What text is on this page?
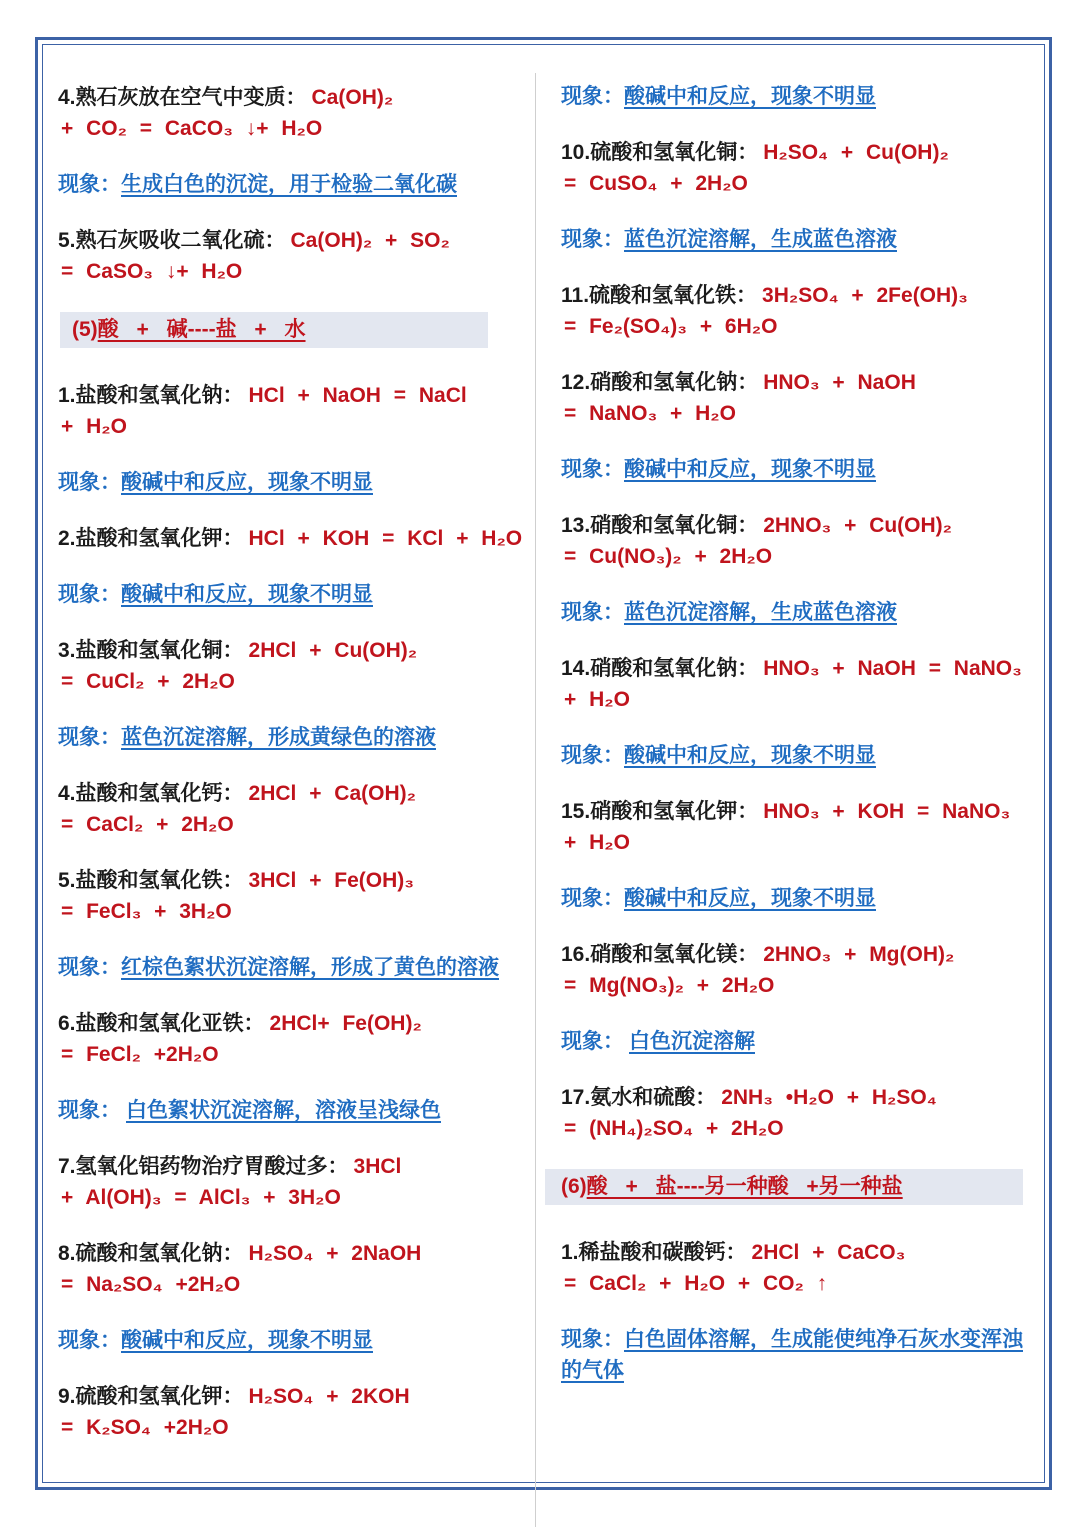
4.熟石灰放在空气中变质： Ca(OH)₂
+ CO₂ = CaCO₃ ↓+ H₂O
现象：生成白色的沉淀，用于检验二氧化碳
5.熟石灰吸收二氧化硫： Ca(OH)₂ + SO₂
= CaSO₃ ↓+ H₂O
(5)酸 + 碱----盐 + 水
1.盐酸和氢氧化钠： HCl + NaOH = NaCl
+ H₂O
现象：酸碱中和反应，现象不明显
2.盐酸和氢氧化钾： HCl + KOH = KCl + H₂O
现象：酸碱中和反应，现象不明显
3.盐酸和氢氧化铜： 2HCl + Cu(OH)₂
= CuCl₂ + 2H₂O
现象：蓝色沉淀溶解，形成黄绿色的溶液
4.盐酸和氢氧化钙： 2HCl + Ca(OH)₂
= CaCl₂ + 2H₂O
5.盐酸和氢氧化铁： 3HCl + Fe(OH)₃
= FeCl₃ + 3H₂O
现象：红棕色絮状沉淀溶解，形成了黄色的溶液
6.盐酸和氢氧化亚铁： 2HCl+ Fe(OH)₂
= FeCl₂ +2H₂O
现象： 白色絮状沉淀溶解，溶液呈浅绿色
7.氢氧化铝药物治疗胃酸过多： 3HCl
+ Al(OH)₃ = AlCl₃ + 3H₂O
8.硫酸和氢氧化钠： H₂SO₄ + 2NaOH
= Na₂SO₄ +2H₂O
现象：酸碱中和反应，现象不明显
9.硫酸和氢氧化钾： H₂SO₄ + 2KOH
= K₂SO₄ +2H₂O
现象：酸碱中和反应，现象不明显
10.硫酸和氢氧化铜： H₂SO₄ + Cu(OH)₂
= CuSO₄ + 2H₂O
现象：蓝色沉淀溶解，生成蓝色溶液
11.硫酸和氢氧化铁： 3H₂SO₄ + 2Fe(OH)₃
= Fe₂(SO₄)₃ + 6H₂O
12.硝酸和氢氧化钠： HNO₃ + NaOH
= NaNO₃ + H₂O
现象：酸碱中和反应，现象不明显
13.硝酸和氢氧化铜： 2HNO₃ + Cu(OH)₂
= Cu(NO₃)₂ + 2H₂O
现象：蓝色沉淀溶解，生成蓝色溶液
14.硝酸和氢氧化钠： HNO₃ + NaOH = NaNO₃
+ H₂O
现象：酸碱中和反应，现象不明显
15.硝酸和氢氧化钾： HNO₃ + KOH = NaNO₃
+ H₂O
现象：酸碱中和反应，现象不明显
16.硝酸和氢氧化镁： 2HNO₃ + Mg(OH)₂
= Mg(NO₃)₂ + 2H₂O
现象： 白色沉淀溶解
17.氨水和硫酸： 2NH₃ •H₂O + H₂SO₄
= (NH₄)₂SO₄ + 2H₂O
(6)酸 + 盐----另一种酸 +另一种盐
1.稀盐酸和碳酸钙： 2HCl + CaCO₃
= CaCl₂ + H₂O + CO₂ ↑
现象：白色固体溶解，生成能使纯净石灰水变浑浊的气体
